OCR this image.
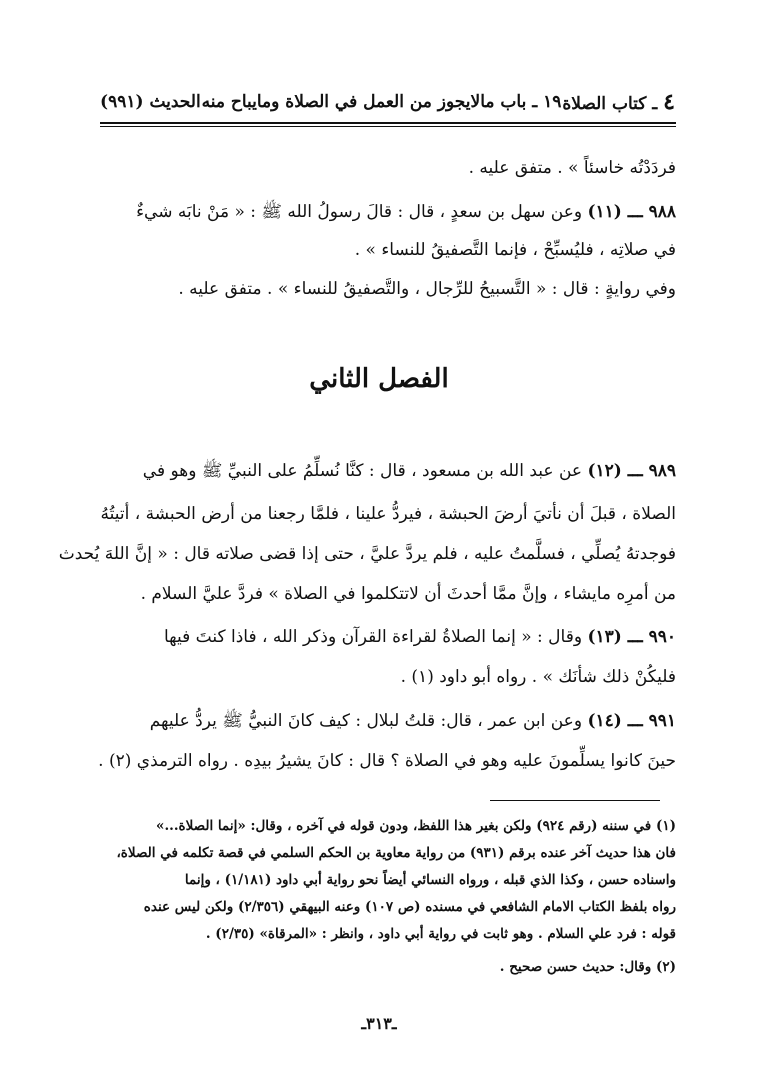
٤ ـ كتاب الصلاة
١٩ ـ باب مالايجوز من العمل في الصلاة ومايباح منه
الحديث (٩٩١)
فردَدْتُه خاسئاً » . متفق عليه .
٩٨٨ ـــ (١١) وعن سهل بن سعدٍ ، قال : قالَ رسولُ الله ﷺ : « مَنْ نابَه شيءٌ
في صلاتِه ، فليُسبِّحْ ، فإنما التَّصفيقُ للنساء » .
وفي روايةٍ : قال : « التَّسبيحُ للرِّجال ، والتَّصفيقُ للنساء » . متفق عليه .
الفصل الثاني
٩٨٩ ـــ (١٢) عن عبد الله بن مسعود ، قال : كنَّا نُسلِّمُ على النبيِّ ﷺ وهو في
الصلاة ، قبلَ أن نأتيَ أرضَ الحبشة ، فيردُّ علينا ، فلمَّا رجعنا من أرض الحبشة ، أتيتُهُ
فوجدتهُ يُصلِّي ، فسلَّمتُ عليه ، فلم يردَّ عليَّ ، حتى إذا قضى صلاته قال : « إنَّ اللهَ يُحدث
من أمرِه مايشاء ، وإنَّ ممَّا أحدثَ أن لاتتكلموا في الصلاة » فردَّ عليَّ السلام .
٩٩٠ ـــ (١٣) وقال : « إنما الصلاةُ لقراءة القرآن وذكر الله ، فاذا كنتَ فيها
فليكُنْ ذلك شأنَك » . رواه أبو داود (١) .
٩٩١ ـــ (١٤) وعن ابن عمر ، قال: قلتُ لبلال : كيف كانَ النبيُّ ﷺ يردُّ عليهم
حينَ كانوا يسلِّمونَ عليه وهو في الصلاة ؟ قال : كانَ يشيرُ بيدِه . رواه الترمذي (٢) .
(١) في سننه (رقم ٩٢٤) ولكن بغير هذا اللفظ، ودون قوله في آخره ، وقال: «إنما الصلاة...»
فان هذا حديث آخر عنده برقم (٩٣١) من رواية معاوية بن الحكم السلمي في قصة تكلمه في الصلاة،
واسناده حسن ، وكذا الذي قبله ، ورواه النسائي أيضاً نحو رواية أبي داود (١/١٨١) ، وإنما
رواه بلفظ الكتاب الامام الشافعي في مسنده (ص ١٠٧) وعنه البيهقي (٢/٣٥٦) ولكن ليس عنده
قوله : فرد علي السلام . وهو ثابت في رواية أبي داود ، وانظر : «المرقاة» (٢/٣٥) .
(٢) وقال: حديث حسن صحيح .
ـ٣١٣ـ
